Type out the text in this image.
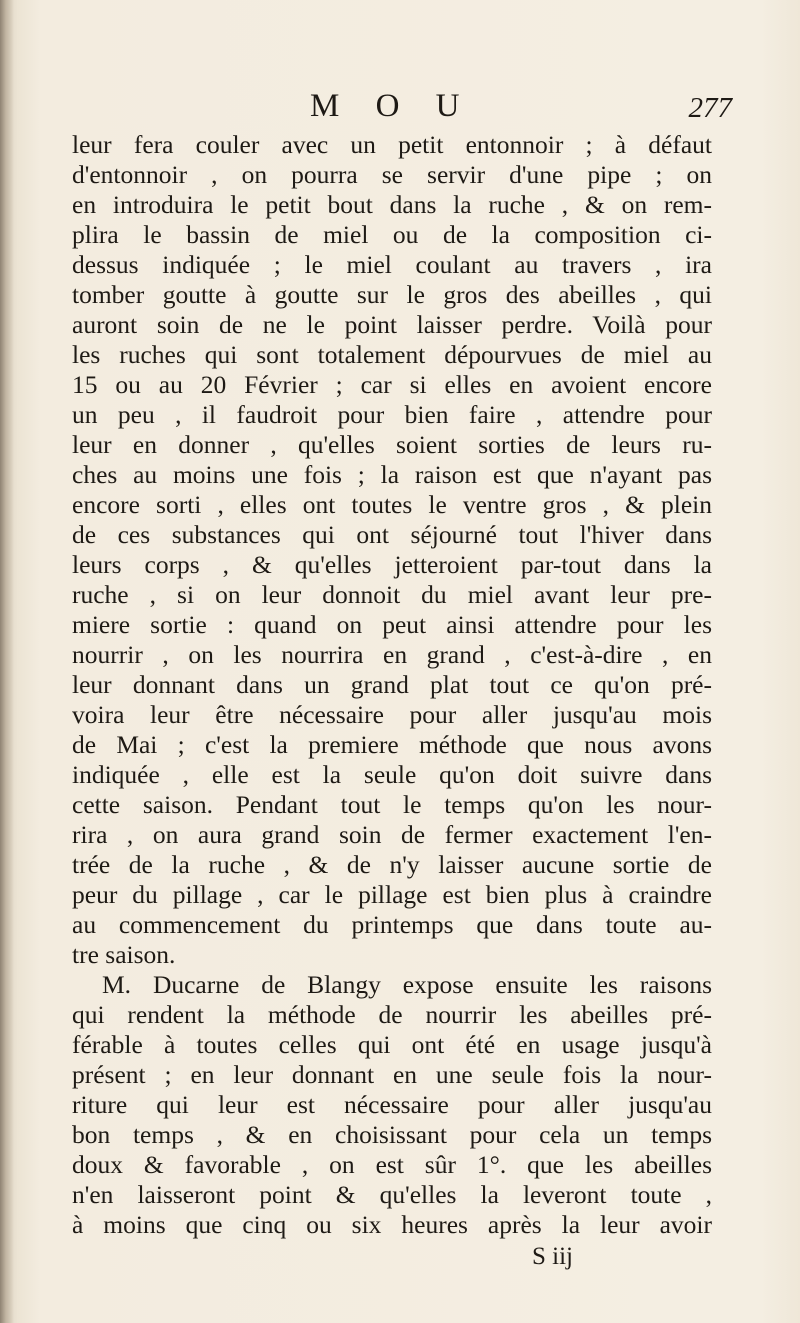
M O U	277
leur fera couler avec un petit entonnoir ; à défaut
d'entonnoir , on pourra se servir d'une pipe ; on
en introduira le petit bout dans la ruche , & on rem-
plira le bassin de miel ou de la composition ci-
dessus indiquée ; le miel coulant au travers , ira
tomber goutte à goutte sur le gros des abeilles , qui
auront soin de ne le point laisser perdre. Voilà pour
les ruches qui sont totalement dépourvues de miel au
15 ou au 20 Février ; car si elles en avoient encore
un peu , il faudroit pour bien faire , attendre pour
leur en donner , qu'elles soient sorties de leurs ru-
ches au moins une fois ; la raison est que n'ayant pas
encore sorti , elles ont toutes le ventre gros , & plein
de ces substances qui ont séjourné tout l'hiver dans
leurs corps , & qu'elles jetteroient par-tout dans la
ruche , si on leur donnoit du miel avant leur pre-
miere sortie : quand on peut ainsi attendre pour les
nourrir , on les nourrira en grand , c'est-à-dire , en
leur donnant dans un grand plat tout ce qu'on pré-
voira leur être nécessaire pour aller jusqu'au mois
de Mai ; c'est la premiere méthode que nous avons
indiquée , elle est la seule qu'on doit suivre dans
cette saison. Pendant tout le temps qu'on les nour-
rira , on aura grand soin de fermer exactement l'en-
trée de la ruche , & de n'y laisser aucune sortie de
peur du pillage , car le pillage est bien plus à craindre
au commencement du printemps que dans toute au-
tre saison.
M. Ducarne de Blangy expose ensuite les raisons
qui rendent la méthode de nourrir les abeilles pré-
férable à toutes celles qui ont été en usage jusqu'à
présent ; en leur donnant en une seule fois la nour-
riture qui leur est nécessaire pour aller jusqu'au
bon temps , & en choisissant pour cela un temps
doux & favorable , on est sûr 1°. que les abeilles
n'en laisseront point & qu'elles la leveront toute ,
à moins que cinq ou six heures après la leur avoir
S iij
